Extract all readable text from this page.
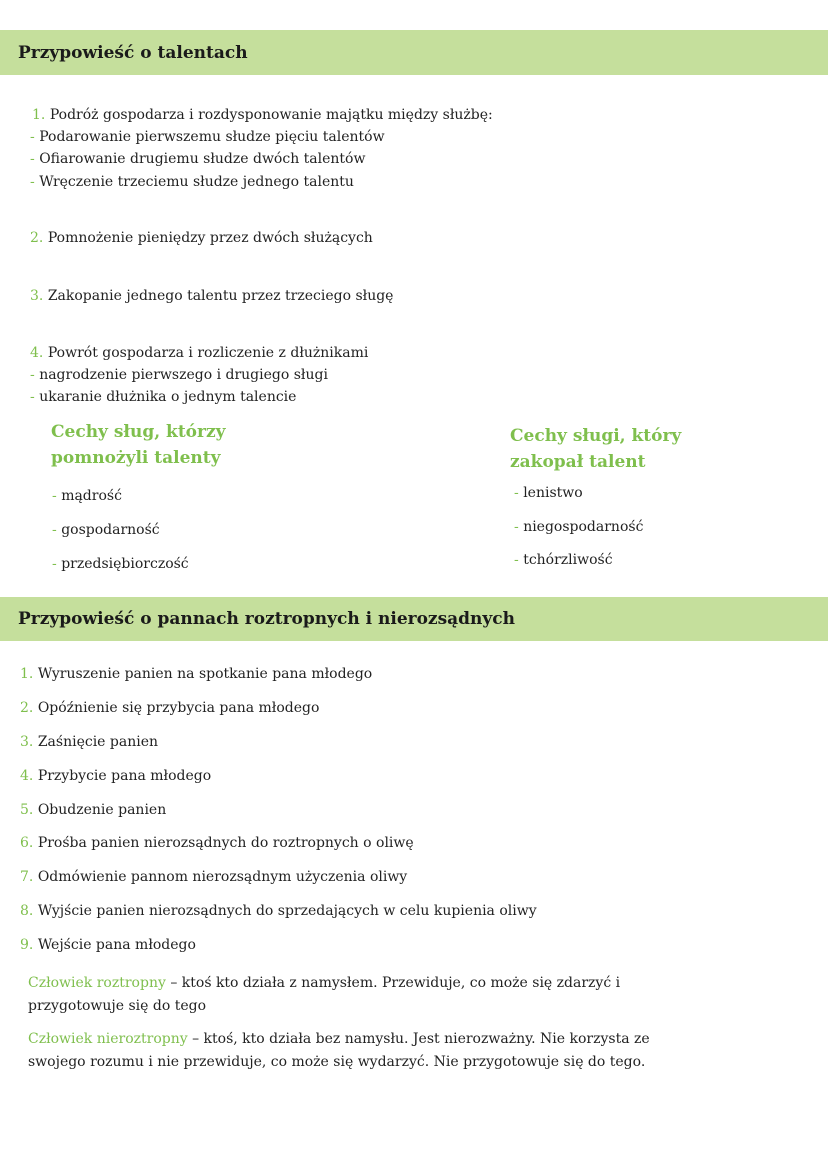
Przypowieść o talentach
1. Podróż gospodarza i rozdysponowanie majątku między służbę:
- Podarowanie pierwszemu słudze pięciu talentów
- Ofiarowanie drugiemu słudze dwóch talentów
- Wręczenie trzeciemu słudze jednego talentu
2. Pomnożenie pieniędzy przez dwóch służących
3. Zakopanie jednego talentu przez trzeciego sługę
4. Powrót gospodarza i rozliczenie z dłużnikami
- nagrodzenie pierwszego i drugiego sługi
- ukaranie dłużnika o jednym talencie
Cechy sług, którzy
pomnożyli talenty
- mądrość
- gospodarność
- przedsiębiorczość
Cechy sługi, który
zakopał talent
- lenistwo
- niegospodarność
- tchórzliwość
Przypowieść o pannach roztropnych i nierozsądnych
1. Wyruszenie panien na spotkanie pana młodego
2. Opóźnienie się przybycia pana młodego
3. Zaśnięcie panien
4. Przybycie pana młodego
5. Obudzenie panien
6. Prośba panien nierozsądnych do roztropnych o oliwę
7. Odmówienie pannom nierozsądnym użyczenia oliwy
8. Wyjście panien nierozsądnych do sprzedających w celu kupienia oliwy
9. Wejście pana młodego
Człowiek roztropny – ktoś kto działa z namysłem. Przewiduje, co może się zdarzyć i przygotowuje się do tego
Człowiek nieroztropny – ktoś, kto działa bez namysłu. Jest nierozważny. Nie korzysta ze swojego rozumu i nie przewiduje, co może się wydarzyć. Nie przygotowuje się do tego.
